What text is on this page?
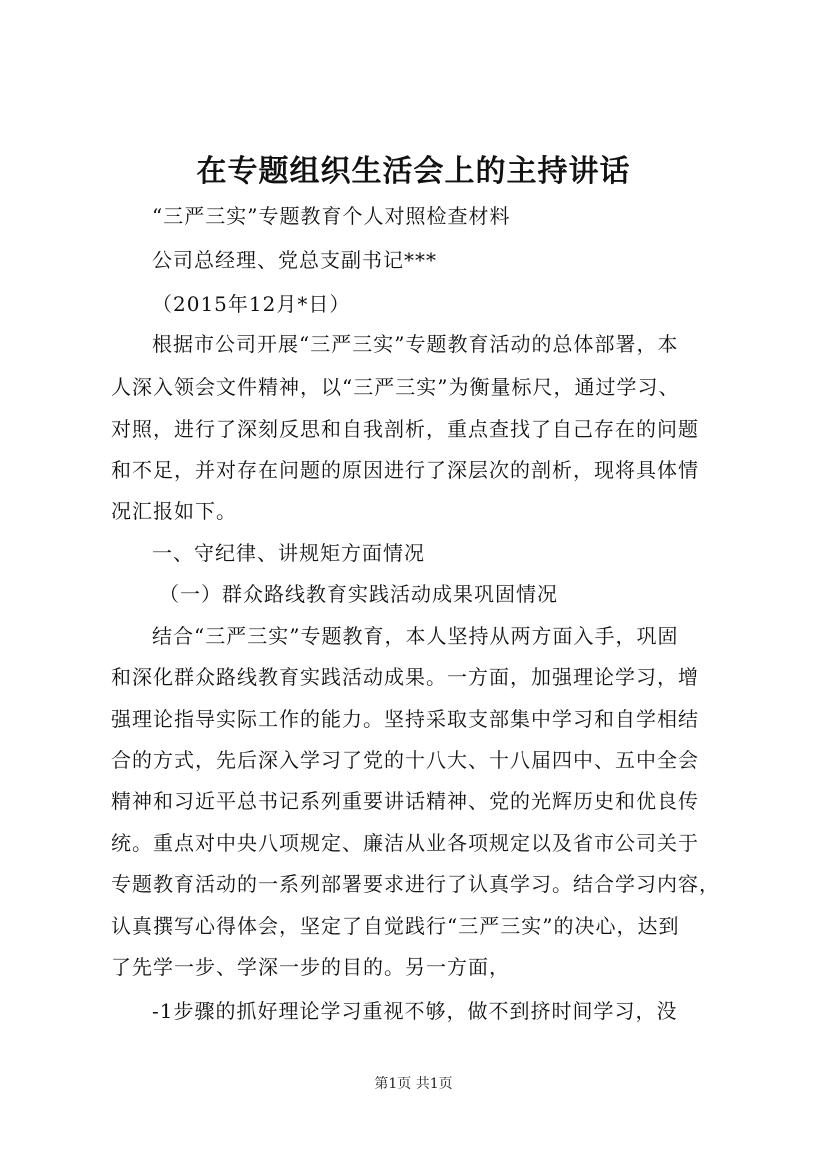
在专题组织生活会上的主持讲话
“三严三实”专题教育个人对照检查材料
公司总经理、党总支副书记***
（2015年12月*日）
根据市公司开展“三严三实”专题教育活动的总体部署，本
人深入领会文件精神，以“三严三实”为衡量标尺，通过学习、
对照，进行了深刻反思和自我剖析，重点查找了自己存在的问题
和不足，并对存在问题的原因进行了深层次的剖析，现将具体情
况汇报如下。
一、守纪律、讲规矩方面情况
（一）群众路线教育实践活动成果巩固情况
结合“三严三实”专题教育，本人坚持从两方面入手，巩固
和深化群众路线教育实践活动成果。一方面，加强理论学习，增
强理论指导实际工作的能力。坚持采取支部集中学习和自学相结
合的方式，先后深入学习了党的十八大、十八届四中、五中全会
精神和习近平总书记系列重要讲话精神、党的光辉历史和优良传
统。重点对中央八项规定、廉洁从业各项规定以及省市公司关于
专题教育活动的一系列部署要求进行了认真学习。结合学习内容，
认真撰写心得体会，坚定了自觉践行“三严三实”的决心，达到
了先学一步、学深一步的目的。另一方面，
-1步骤的抓好理论学习重视不够，做不到挤时间学习，没
第1页 共1页
